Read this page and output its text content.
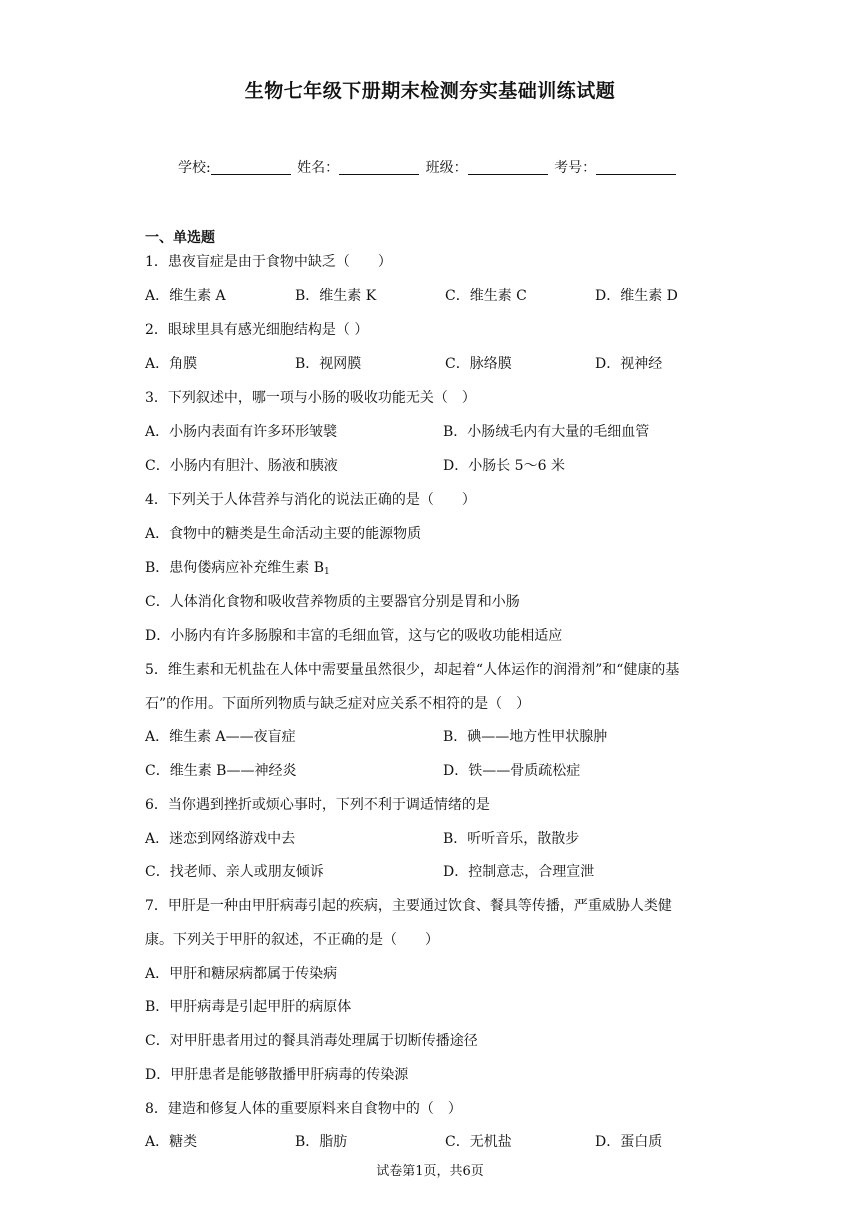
生物七年级下册期末检测夯实基础训练试题
学校:	姓名：	班级：	考号：
一、单选题
1．患夜盲症是由于食物中缺乏（　　）
A．维生素 A	B．维生素 K	C．维生素 C	D．维生素 D
2．眼球里具有感光细胞结构是（ ）
A．角膜	B．视网膜	C．脉络膜	D．视神经
3．下列叙述中，哪一项与小肠的吸收功能无关（　）
A．小肠内表面有许多环形皱襞	B．小肠绒毛内有大量的毛细血管
C．小肠内有胆汁、肠液和胰液	D．小肠长 5～6 米
4．下列关于人体营养与消化的说法正确的是（　　）
A．食物中的糖类是生命活动主要的能源物质
B．患佝偻病应补充维生素 $B_1$
C．人体消化食物和吸收营养物质的主要器官分别是胃和小肠
D．小肠内有许多肠腺和丰富的毛细血管，这与它的吸收功能相适应
5．维生素和无机盐在人体中需要量虽然很少，却起着“人体运作的润滑剂”和“健康的基
石”的作用。下面所列物质与缺乏症对应关系不相符的是（　）
A．维生素 A——夜盲症	B．碘——地方性甲状腺肿
C．维生素 B——神经炎	D．铁——骨质疏松症
6．当你遇到挫折或烦心事时，下列不利于调适情绪的是
A．迷恋到网络游戏中去	B．听听音乐，散散步
C．找老师、亲人或朋友倾诉	D．控制意志，合理宣泄
7．甲肝是一种由甲肝病毒引起的疾病，主要通过饮食、餐具等传播，严重威胁人类健
康。下列关于甲肝的叙述，不正确的是（　　）
A．甲肝和糖尿病都属于传染病
B．甲肝病毒是引起甲肝的病原体
C．对甲肝患者用过的餐具消毒处理属于切断传播途径
D．甲肝患者是能够散播甲肝病毒的传染源
8．建造和修复人体的重要原料来自食物中的（　）
A．糖类	B．脂肪	C．无机盐	D．蛋白质
试卷第1页，共6页
